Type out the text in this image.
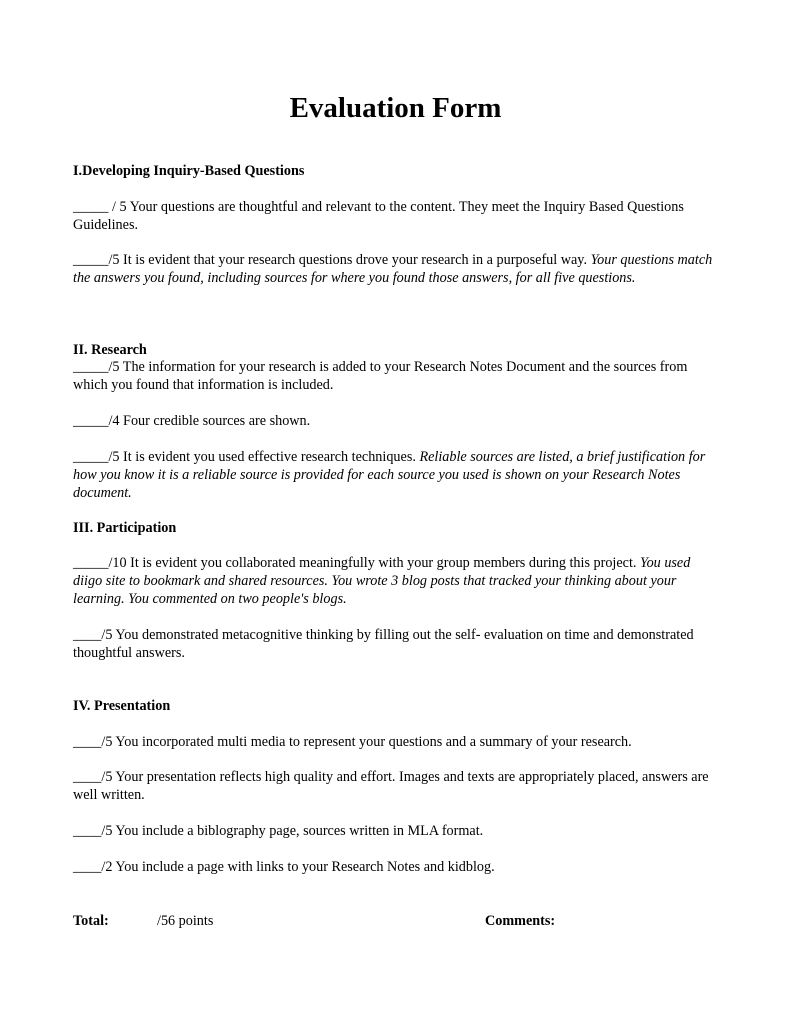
Evaluation Form
I.Developing Inquiry-Based Questions
_____ / 5 Your questions are thoughtful and relevant to the content. They meet the Inquiry Based Questions Guidelines.
_____/5 It is evident that your research questions drove your research in a purposeful way. Your questions match the answers you found, including sources for where you found those answers, for all five questions.
II. Research
_____/5 The information for your research is added to your Research Notes Document and the sources from which you found that information is included.
_____/4 Four credible sources are shown.
_____/5 It is evident you used effective research techniques. Reliable sources are listed, a brief justification for how you know it is a reliable source is provided for each source you used is shown on your Research Notes document.
III. Participation
_____/10 It is evident you collaborated meaningfully with your group members during this project. You used diigo site to bookmark and shared resources. You wrote 3 blog posts that tracked your thinking about your learning. You commented on two people's blogs.
____/5 You demonstrated metacognitive thinking by filling out the self- evaluation on time and demonstrated thoughtful answers.
IV. Presentation
____/5 You incorporated multi media to represent your questions and a summary of your research.
____/5 Your presentation reflects high quality and effort. Images and texts are appropriately placed, answers are well written.
____/5 You include a biblography page, sources written in MLA format.
____/2 You include a page with links to your Research Notes and kidblog.
Total:	/56 points	Comments:
